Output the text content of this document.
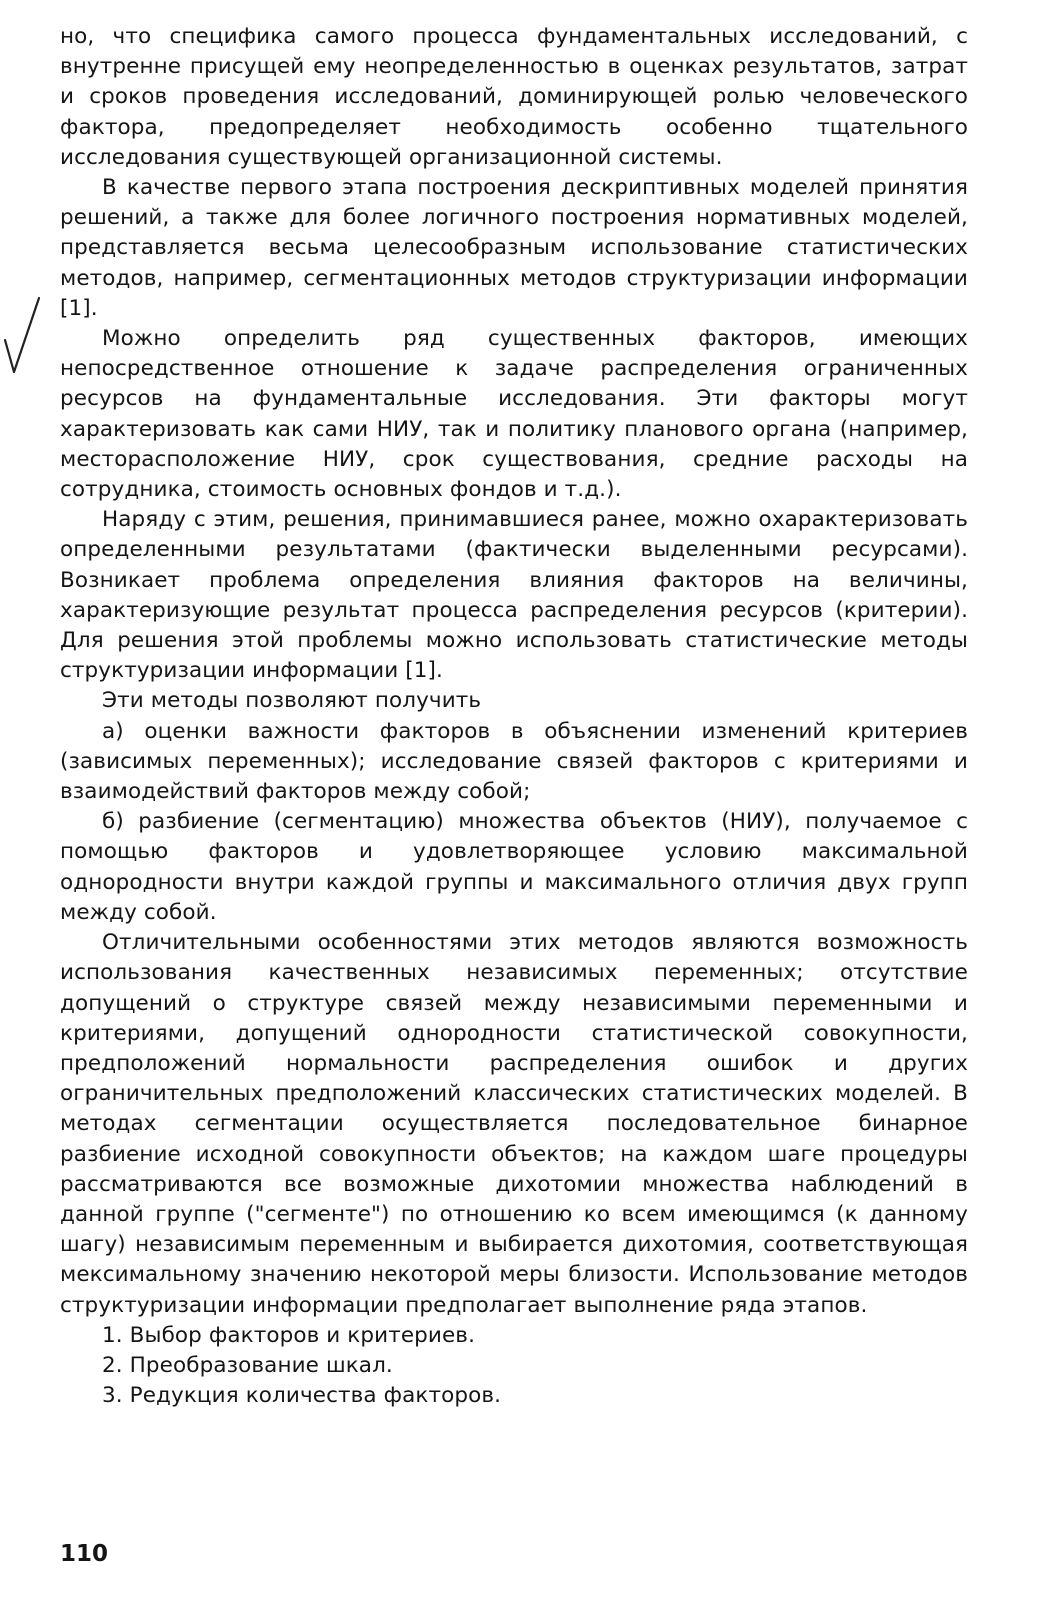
но, что специфика самого процесса фундаментальных исследований, с внутренне присущей ему неопределенностью в оценках результатов, затрат и сроков проведения исследований, доминирующей ролью человеческого фактора, предопределяет необходимость особенно тщательного исследования существующей организационной системы.

В качестве первого этапа построения дескриптивных моделей принятия решений, а также для более логичного построения нормативных моделей, представляется весьма целесообразным использование статистических методов, например, сегментационных методов структуризации информации [1].

Можно определить ряд существенных факторов, имеющих непосредственное отношение к задаче распределения ограниченных ресурсов на фундаментальные исследования. Эти факторы могут характеризовать как сами НИУ, так и политику планового органа (например, месторасположение НИУ, срок существования, средние расходы на сотрудника, стоимость основных фондов и т.д.).

Наряду с этим, решения, принимавшиеся ранее, можно охарактеризовать определенными результатами (фактически выделенными ресурсами). Возникает проблема определения влияния факторов на величины, характеризующие результат процесса распределения ресурсов (критерии). Для решения этой проблемы можно использовать статистические методы структуризации информации [1].

Эти методы позволяют получить

а) оценки важности факторов в объяснении изменений критериев (зависимых переменных); исследование связей факторов с критериями и взаимодействий факторов между собой;

б) разбиение (сегментацию) множества объектов (НИУ), получаемое с помощью факторов и удовлетворяющее условию максимальной однородности внутри каждой группы и максимального отличия двух групп между собой.

Отличительными особенностями этих методов являются возможность использования качественных независимых переменных; отсутствие допущений о структуре связей между независимыми переменными и критериями, допущений однородности статистической совокупности, предположений нормальности распределения ошибок и других ограничительных предположений классических статистических моделей. В методах сегментации осуществляется последовательное бинарное разбиение исходной совокупности объектов; на каждом шаге процедуры рассматриваются все возможные дихотомии множества наблюдений в данной группе ("сегменте") по отношению ко всем имеющимся (к данному шагу) независимым переменным и выбирается дихотомия, соответствующая мексимальному значению некоторой меры близости. Использование методов структуризации информации предполагает выполнение ряда этапов.

1. Выбор факторов и критериев.

2. Преобразование шкал.

3. Редукция количества факторов.

110
